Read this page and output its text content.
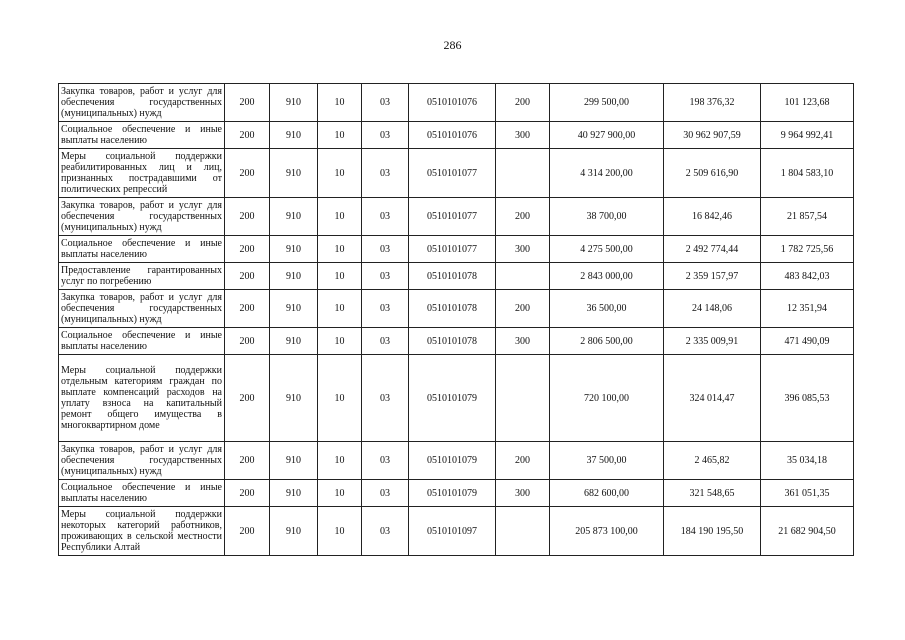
286
Закупка товаров, работ и услуг для обеспечения государственных (муниципальных) нужд	200	910	10	03	0510101076	200	299 500,00	198 376,32	101 123,68
Социальное обеспечение и иные выплаты населению	200	910	10	03	0510101076	300	40 927 900,00	30 962 907,59	9 964 992,41
Меры социальной поддержки реабилитированных лиц и лиц, признанных пострадавшими от политических репрессий	200	910	10	03	0510101077		4 314 200,00	2 509 616,90	1 804 583,10
Закупка товаров, работ и услуг для обеспечения государственных (муниципальных) нужд	200	910	10	03	0510101077	200	38 700,00	16 842,46	21 857,54
Социальное обеспечение и иные выплаты населению	200	910	10	03	0510101077	300	4 275 500,00	2 492 774,44	1 782 725,56
Предоставление гарантированных услуг по погребению	200	910	10	03	0510101078		2 843 000,00	2 359 157,97	483 842,03
Закупка товаров, работ и услуг для обеспечения государственных (муниципальных) нужд	200	910	10	03	0510101078	200	36 500,00	24 148,06	12 351,94
Социальное обеспечение и иные выплаты населению	200	910	10	03	0510101078	300	2 806 500,00	2 335 009,91	471 490,09
Меры социальной поддержки отдельным категориям граждан по выплате компенсаций расходов на уплату взноса на капитальный ремонт общего имущества в многоквартирном доме	200	910	10	03	0510101079		720 100,00	324 014,47	396 085,53
Закупка товаров, работ и услуг для обеспечения государственных (муниципальных) нужд	200	910	10	03	0510101079	200	37 500,00	2 465,82	35 034,18
Социальное обеспечение и иные выплаты населению	200	910	10	03	0510101079	300	682 600,00	321 548,65	361 051,35
Меры социальной поддержки некоторых категорий работников, проживающих в сельской местности Республики Алтай	200	910	10	03	0510101097		205 873 100,00	184 190 195,50	21 682 904,50
